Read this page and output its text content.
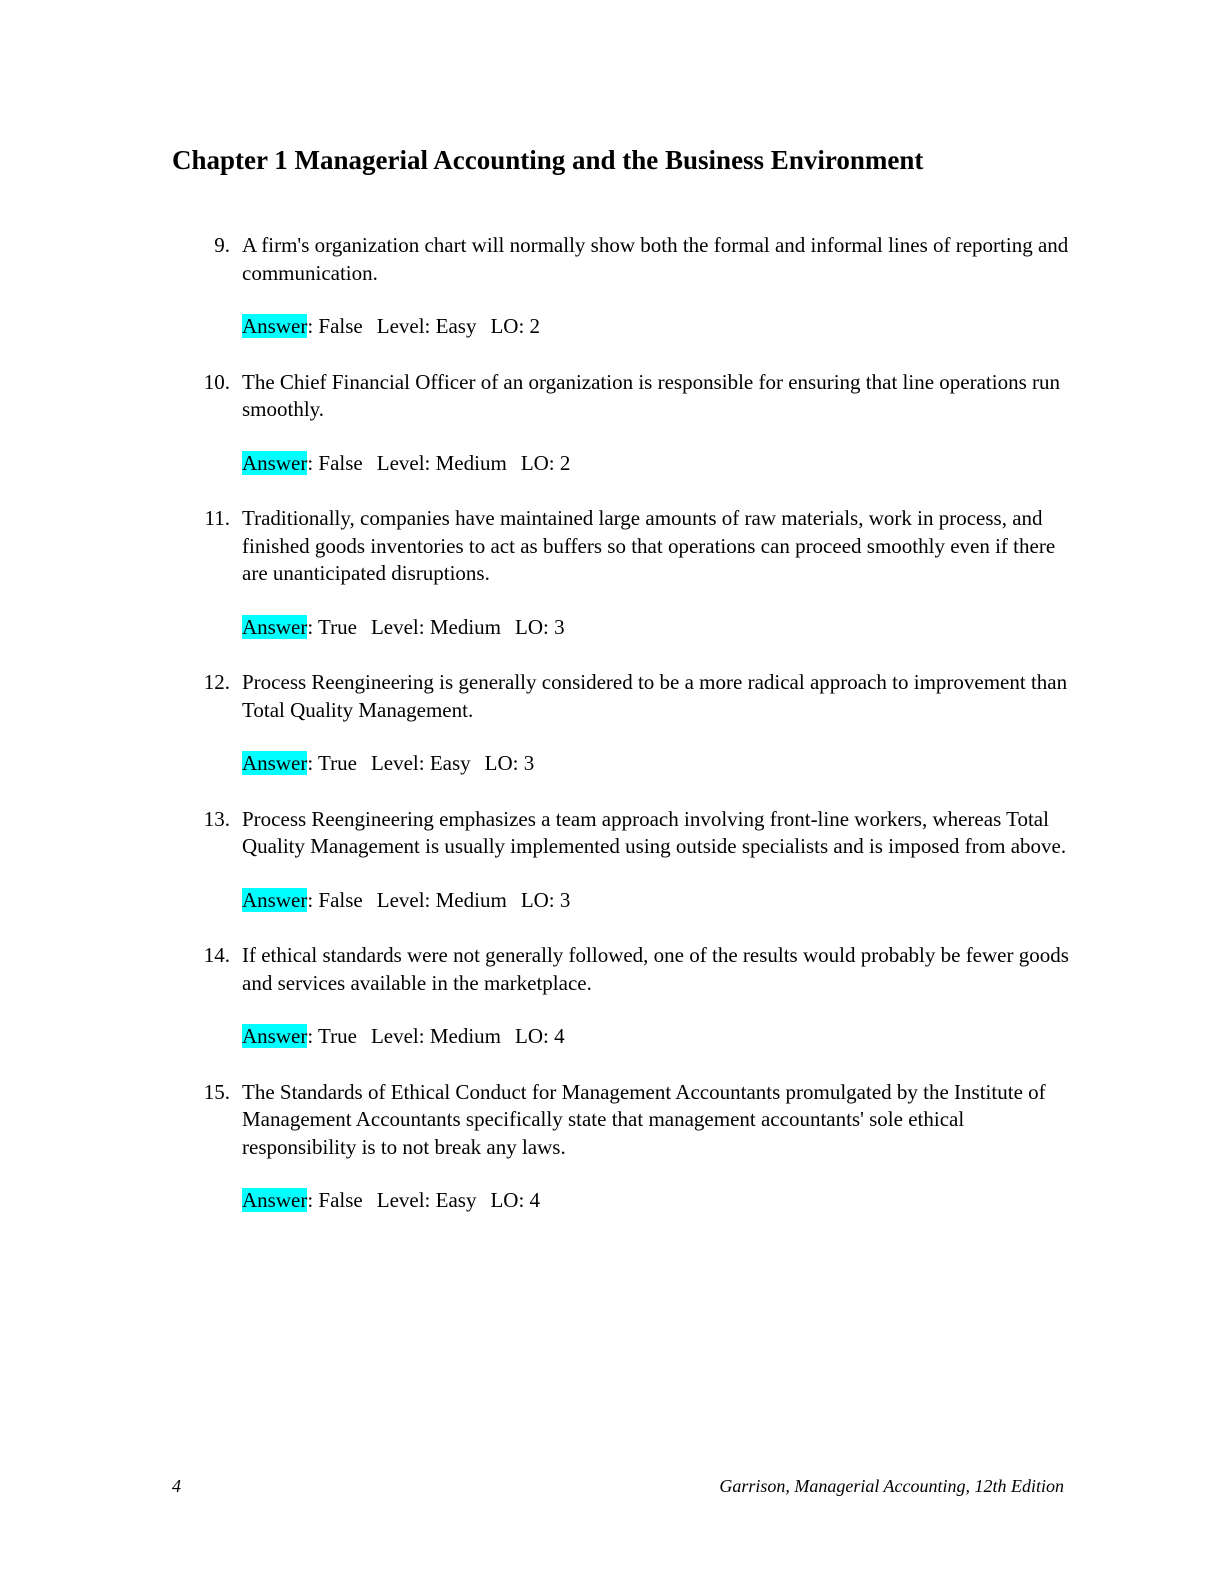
Chapter 1 Managerial Accounting and the Business Environment
9. A firm's organization chart will normally show both the formal and informal lines of reporting and communication.
Answer: False Level: Easy LO: 2
10. The Chief Financial Officer of an organization is responsible for ensuring that line operations run smoothly.
Answer: False Level: Medium LO: 2
11. Traditionally, companies have maintained large amounts of raw materials, work in process, and finished goods inventories to act as buffers so that operations can proceed smoothly even if there are unanticipated disruptions.
Answer: True Level: Medium LO: 3
12. Process Reengineering is generally considered to be a more radical approach to improvement than Total Quality Management.
Answer: True Level: Easy LO: 3
13. Process Reengineering emphasizes a team approach involving front-line workers, whereas Total Quality Management is usually implemented using outside specialists and is imposed from above.
Answer: False Level: Medium LO: 3
14. If ethical standards were not generally followed, one of the results would probably be fewer goods and services available in the marketplace.
Answer: True Level: Medium LO: 4
15. The Standards of Ethical Conduct for Management Accountants promulgated by the Institute of Management Accountants specifically state that management accountants' sole ethical responsibility is to not break any laws.
Answer: False Level: Easy LO: 4
4	Garrison, Managerial Accounting, 12th Edition
